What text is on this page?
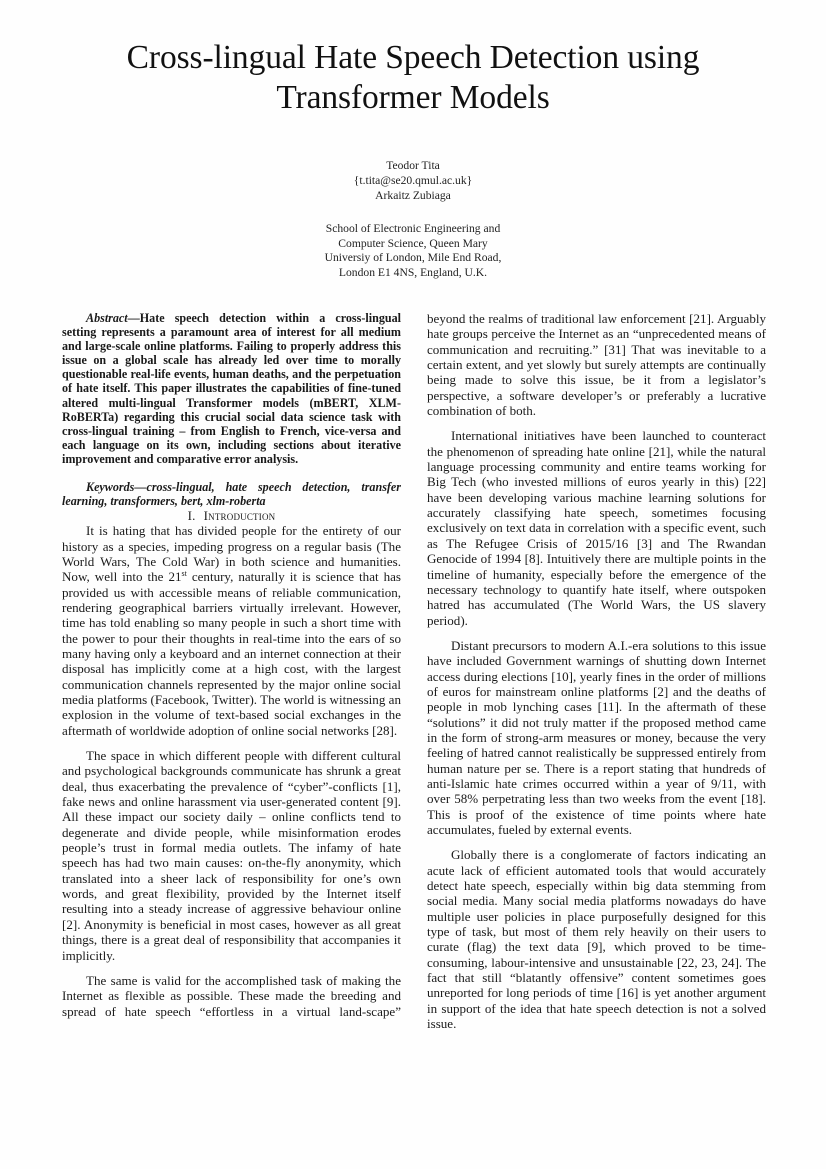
Cross-lingual Hate Speech Detection using
Transformer Models
Teodor Tita
{t.tita@se20.qmul.ac.uk}
Arkaitz Zubiaga
School of Electronic Engineering and
Computer Science, Queen Mary
Universiy of London, Mile End Road,
London E1 4NS, England, U.K.

Abstract—Hate speech detection within a cross-lingual setting represents a paramount area of interest for all medium and large-scale online platforms. Failing to properly address this issue on a global scale has already led over time to morally questionable real-life events, human deaths, and the perpetuation of hate itself. This paper illustrates the capabilities of fine-tuned altered multi-lingual Transformer models (mBERT, XLM-RoBERTa) regarding this crucial social data science task with cross-lingual training – from English to French, vice-versa and each language on its own, including sections about iterative improvement and comparative error analysis.

Keywords—cross-lingual, hate speech detection, transfer learning, transformers, bert, xlm-roberta

I. Introduction

It is hating that has divided people for the entirety of our history as a species, impeding progress on a regular basis (The World Wars, The Cold War) in both science and humanities. Now, well into the 21st century, naturally it is science that has provided us with accessible means of reliable communication, rendering geographical barriers virtually irrelevant. However, time has told enabling so many people in such a short time with the power to pour their thoughts in real-time into the ears of so many having only a keyboard and an internet connection at their disposal has implicitly come at a high cost, with the largest communication channels represented by the major online social media platforms (Facebook, Twitter). The world is witnessing an explosion in the volume of text-based social exchanges in the aftermath of worldwide adoption of online social networks [28].

The space in which different people with different cultural and psychological backgrounds communicate has shrunk a great deal, thus exacerbating the prevalence of “cyber”-conflicts [1], fake news and online harassment via user-generated content [9]. All these impact our society daily – online conflicts tend to degenerate and divide people, while misinformation erodes people’s trust in formal media outlets. The infamy of hate speech has had two main causes: on-the-fly anonymity, which translated into a sheer lack of responsibility for one’s own words, and great flexibility, provided by the Internet itself resulting into a steady increase of aggressive behaviour online [2]. Anonymity is beneficial in most cases, however as all great things, there is a great deal of responsibility that accompanies it implicitly.

The same is valid for the accomplished task of making the Internet as flexible as possible. These made the breeding and spread of hate speech “effortless in a virtual land-scape”

beyond the realms of traditional law enforcement [21]. Arguably hate groups perceive the Internet as an “unprecedented means of communication and recruiting.” [31] That was inevitable to a certain extent, and yet slowly but surely attempts are continually being made to solve this issue, be it from a legislator’s perspective, a software developer’s or preferably a lucrative combination of both.

International initiatives have been launched to counteract the phenomenon of spreading hate online [21], while the natural language processing community and entire teams working for Big Tech (who invested millions of euros yearly in this) [22] have been developing various machine learning solutions for accurately classifying hate speech, sometimes focusing exclusively on text data in correlation with a specific event, such as The Refugee Crisis of 2015/16 [3] and The Rwandan Genocide of 1994 [8]. Intuitively there are multiple points in the timeline of humanity, especially before the emergence of the necessary technology to quantify hate itself, where outspoken hatred has accumulated (The World Wars, the US slavery period).

Distant precursors to modern A.I.-era solutions to this issue have included Government warnings of shutting down Internet access during elections [10], yearly fines in the order of millions of euros for mainstream online platforms [2] and the deaths of people in mob lynching cases [11]. In the aftermath of these “solutions” it did not truly matter if the proposed method came in the form of strong-arm measures or money, because the very feeling of hatred cannot realistically be suppressed entirely from human nature per se. There is a report stating that hundreds of anti-Islamic hate crimes occurred within a year of 9/11, with over 58% perpetrating less than two weeks from the event [18]. This is proof of the existence of time points where hate accumulates, fueled by external events.

Globally there is a conglomerate of factors indicating an acute lack of efficient automated tools that would accurately detect hate speech, especially within big data stemming from social media. Many social media platforms nowadays do have multiple user policies in place purposefully designed for this type of task, but most of them rely heavily on their users to curate (flag) the text data [9], which proved to be time-consuming, labour-intensive and unsustainable [22, 23, 24]. The fact that still “blatantly offensive” content sometimes goes unreported for long periods of time [16] is yet another argument in support of the idea that hate speech detection is not a solved issue.
